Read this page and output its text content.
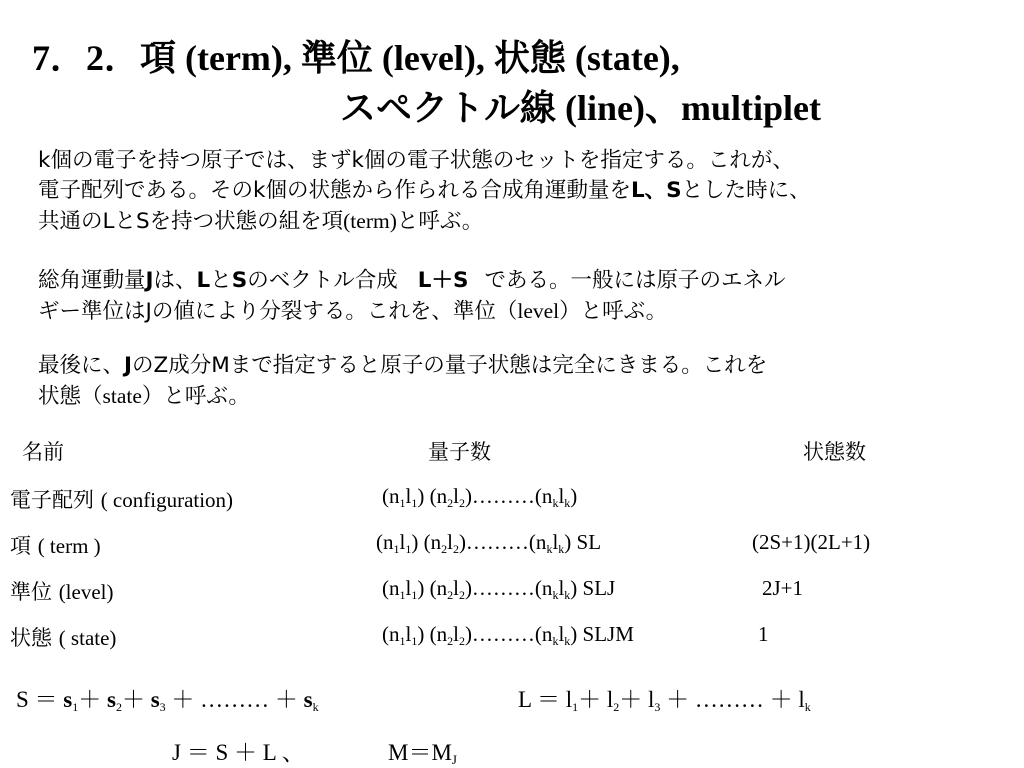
7．2．項 (term), 準位 (level), 状態 (state),
スペクトル線 (line)、multiplet
k個の電子を持つ原子では、まずk個の電子状態のセットを指定する。これが、
電子配列である。そのk個の状態から作られる合成角運動量をL、Sとした時に、
共通のLとSを持つ状態の組を項(term)と呼ぶ。
総角運動量Jは、LとSのベクトル合成 L＋S である。一般には原子のエネル
ギー準位はJの値により分裂する。これを、準位（level）と呼ぶ。
最後に、JのZ成分Mまで指定すると原子の量子状態は完全にきまる。これを
状態（state）と呼ぶ。
名前	量子数	状態数
電子配列 ( configuration)	$(n_1l_1)$ $(n_2l_2)\dots\dots\dots(n_kl_k)$
項 ( term )	$(n_1l_1)$ $(n_2l_2)\dots\dots\dots(n_kl_k)$ SL	(2S+1)(2L+1)
準位 (level)	$(n_1l_1)$ $(n_2l_2)\dots\dots\dots(n_kl_k)$ SLJ	2J+1
状態 ( state)	$(n_1l_1)$ $(n_2l_2)\dots\dots\dots(n_kl_k)$ SLJM	1
$S = s_1+ s_2+ s_3$ ＋ ……… ＋ $s_k$	$L = l_1+ l_2+ l_3$ ＋ ……… ＋ $l_k$
J ＝ S ＋ L 、	$M=M_J$
